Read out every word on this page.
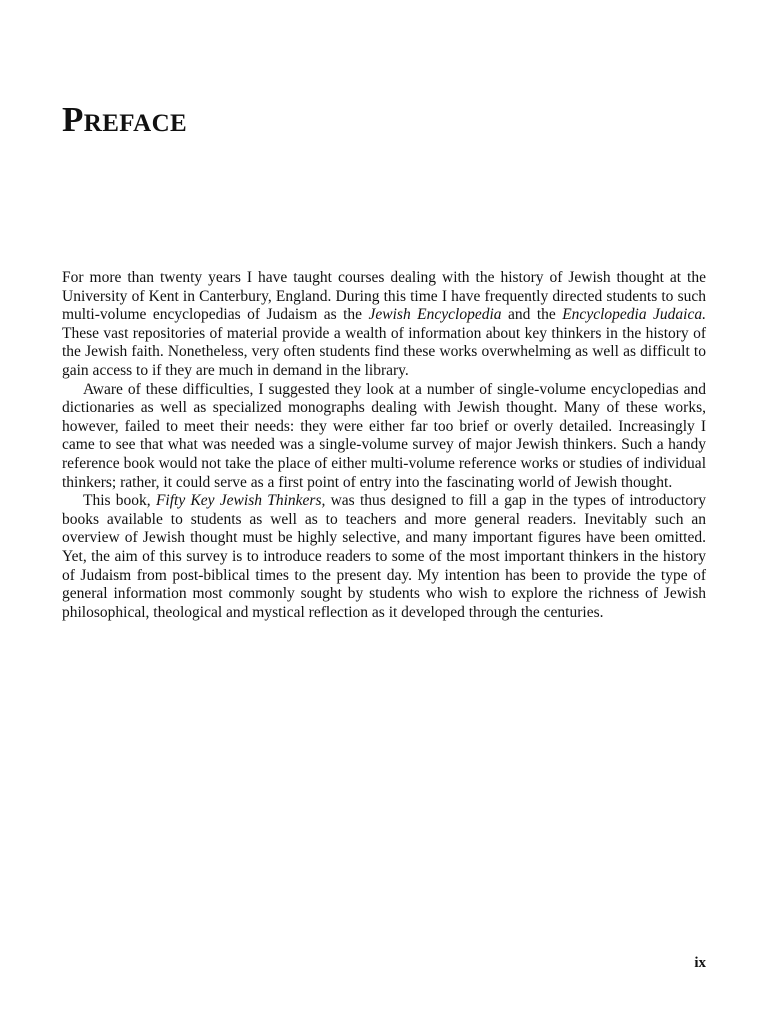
Preface

For more than twenty years I have taught courses dealing with the history of Jewish thought at the University of Kent in Canterbury, England. During this time I have frequently directed students to such multi-volume encyclopedias of Judaism as the Jewish Encyclopedia and the Encyclopedia Judaica. These vast repositories of material provide a wealth of information about key thinkers in the history of the Jewish faith. Nonetheless, very often students find these works overwhelming as well as difficult to gain access to if they are much in demand in the library.

Aware of these difficulties, I suggested they look at a number of single-volume encyclopedias and dictionaries as well as specialized monographs dealing with Jewish thought. Many of these works, however, failed to meet their needs: they were either far too brief or overly detailed. Increasingly I came to see that what was needed was a single-volume survey of major Jewish thinkers. Such a handy reference book would not take the place of either multi-volume reference works or studies of individual thinkers; rather, it could serve as a first point of entry into the fascinating world of Jewish thought.

This book, Fifty Key Jewish Thinkers, was thus designed to fill a gap in the types of introductory books available to students as well as to teachers and more general readers. Inevitably such an overview of Jewish thought must be highly selective, and many important figures have been omitted. Yet, the aim of this survey is to introduce readers to some of the most important thinkers in the history of Judaism from post-biblical times to the present day. My intention has been to provide the type of general information most commonly sought by students who wish to explore the richness of Jewish philosophical, theological and mystical reflection as it developed through the centuries.

ix
